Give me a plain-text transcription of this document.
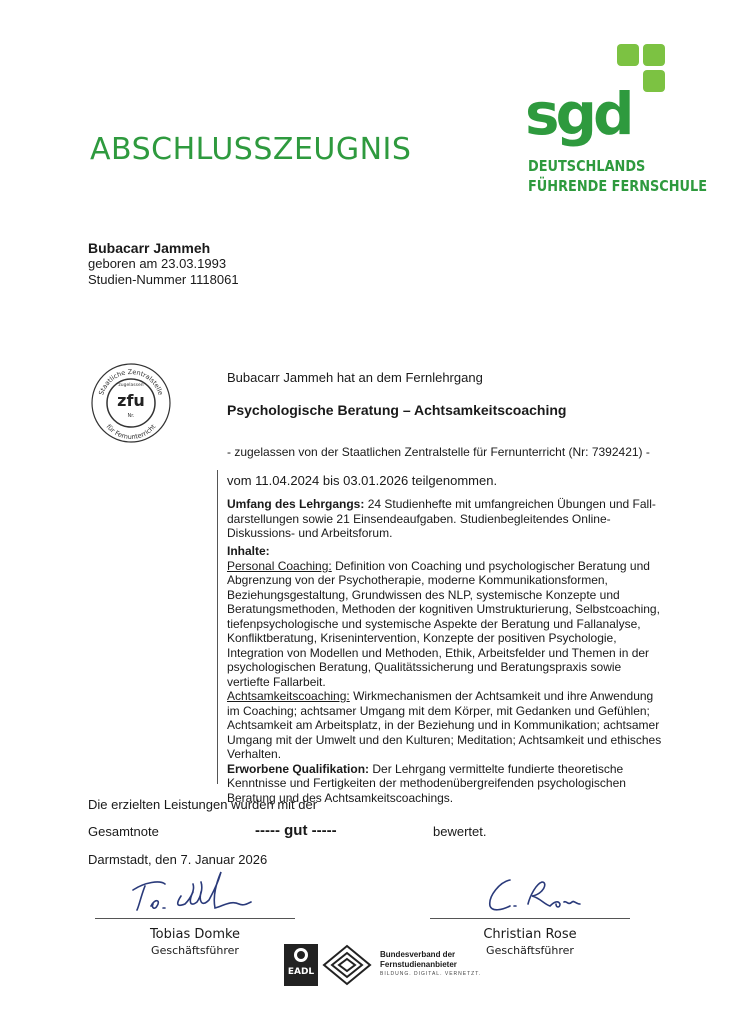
ABSCHLUSSZEUGNIS
sgd
DEUTSCHLANDS
FÜHRENDE FERNSCHULE
Bubacarr Jammeh
geboren am 23.03.1993
Studien-Nummer 1118061
Staatliche Zentralstelle
für Fernunterricht
zugelassen
zfu
Nr.
Bubacarr Jammeh hat an dem Fernlehrgang
Psychologische Beratung – Achtsamkeitscoaching
- zugelassen von der Staatlichen Zentralstelle für Fernunterricht (Nr: 7392421) -
vom 11.04.2024 bis 03.01.2026 teilgenommen.
Umfang des Lehrgangs: 24 Studienhefte mit umfangreichen Übungen und Fall-darstellungen sowie 21 Einsendeaufgaben. Studienbegleitendes Online-Diskussions- und Arbeitsforum.
Inhalte:
Personal Coaching: Definition von Coaching und psychologischer Beratung und Abgrenzung von der Psychotherapie, moderne Kommunikationsformen, Beziehungsgestaltung, Grundwissen des NLP, systemische Konzepte und Beratungsmethoden, Methoden der kognitiven Umstrukturierung, Selbstcoaching, tiefenpsychologische und systemische Aspekte der Beratung und Fallanalyse, Konfliktberatung, Krisenintervention, Konzepte der positiven Psychologie, Integration von Modellen und Methoden, Ethik, Arbeitsfelder und Themen in der psychologischen Beratung, Qualitätssicherung und Beratungspraxis sowie vertiefte Fallarbeit.
Achtsamkeitscoaching: Wirkmechanismen der Achtsamkeit und ihre Anwendung im Coaching; achtsamer Umgang mit dem Körper, mit Gedanken und Gefühlen; Achtsamkeit am Arbeitsplatz, in der Beziehung und in Kommunikation; achtsamer Umgang mit der Umwelt und den Kulturen; Meditation; Achtsamkeit und ethisches Verhalten.
Erworbene Qualifikation: Der Lehrgang vermittelte fundierte theoretische Kenntnisse und Fertigkeiten der methodenübergreifenden psychologischen Beratung und des Achtsamkeitscoachings.
Die erzielten Leistungen wurden mit der
Gesamtnote	----- gut -----	bewertet.
Darmstadt, den 7. Januar 2026
Tobias Domke
Geschäftsführer
Christian Rose
Geschäftsführer
EADL
Bundesverband der
Fernstudienanbieter
BILDUNG. DIGITAL. VERNETZT.
